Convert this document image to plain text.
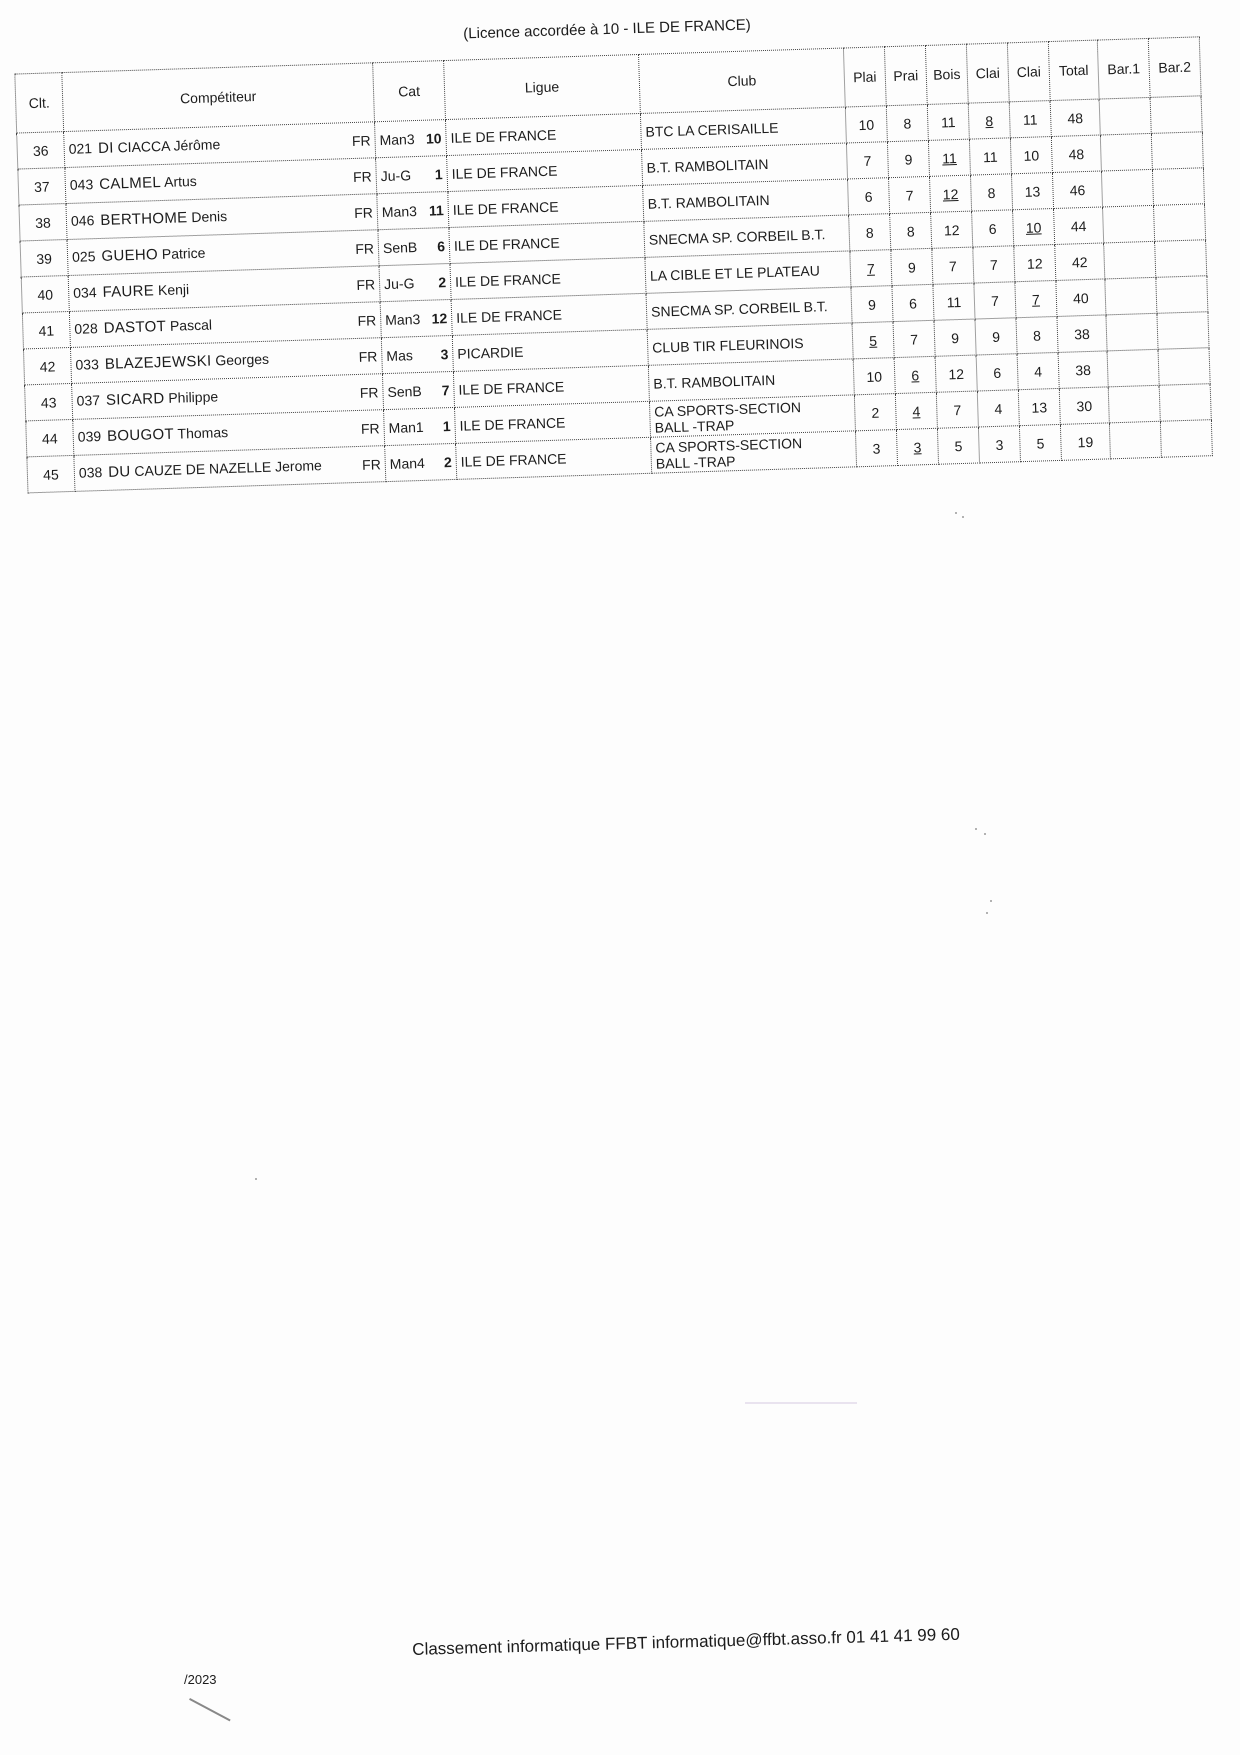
(Licence accordée à 10 - ILE DE FRANCE)
Clt.	Compétiteur	Cat	Ligue	Club	Plai	Prai	Bois	Clai	Clai	Total	Bar.1	Bar.2
36	021 DI CIACCA Jérôme FR	Man3 10	ILE DE FRANCE	BTC LA CERISAILLE	10	8	11	8	11	48		
37	043 CALMEL Artus FR	Ju-G 1	ILE DE FRANCE	B.T. RAMBOLITAIN	7	9	11	11	10	48		
38	046 BERTHOME Denis FR	Man3 11	ILE DE FRANCE	B.T. RAMBOLITAIN	6	7	12	8	13	46		
39	025 GUEHO Patrice FR	SenB 6	ILE DE FRANCE	SNECMA SP. CORBEIL B.T.	8	8	12	6	10	44		
40	034 FAURE Kenji FR	Ju-G 2	ILE DE FRANCE	LA CIBLE ET LE PLATEAU	7	9	7	7	12	42		
41	028 DASTOT Pascal FR	Man3 12	ILE DE FRANCE	SNECMA SP. CORBEIL B.T.	9	6	11	7	7	40		
42	033 BLAZEJEWSKI Georges FR	Mas 3	PICARDIE	CLUB TIR FLEURINOIS	5	7	9	9	8	38		
43	037 SICARD Philippe FR	SenB 7	ILE DE FRANCE	B.T. RAMBOLITAIN	10	6	12	6	4	38		
44	039 BOUGOT Thomas FR	Man1 1	ILE DE FRANCE	CA SPORTS-SECTION
BALL -TRAP	2	4	7	4	13	30		
45	038 DU CAUZE DE NAZELLE Jerome FR	Man4 2	ILE DE FRANCE	CA SPORTS-SECTION
BALL -TRAP	3	3	5	3	5	19		
/2023
Classement informatique FFBT informatique@ffbt.asso.fr 01 41 41 99 60
